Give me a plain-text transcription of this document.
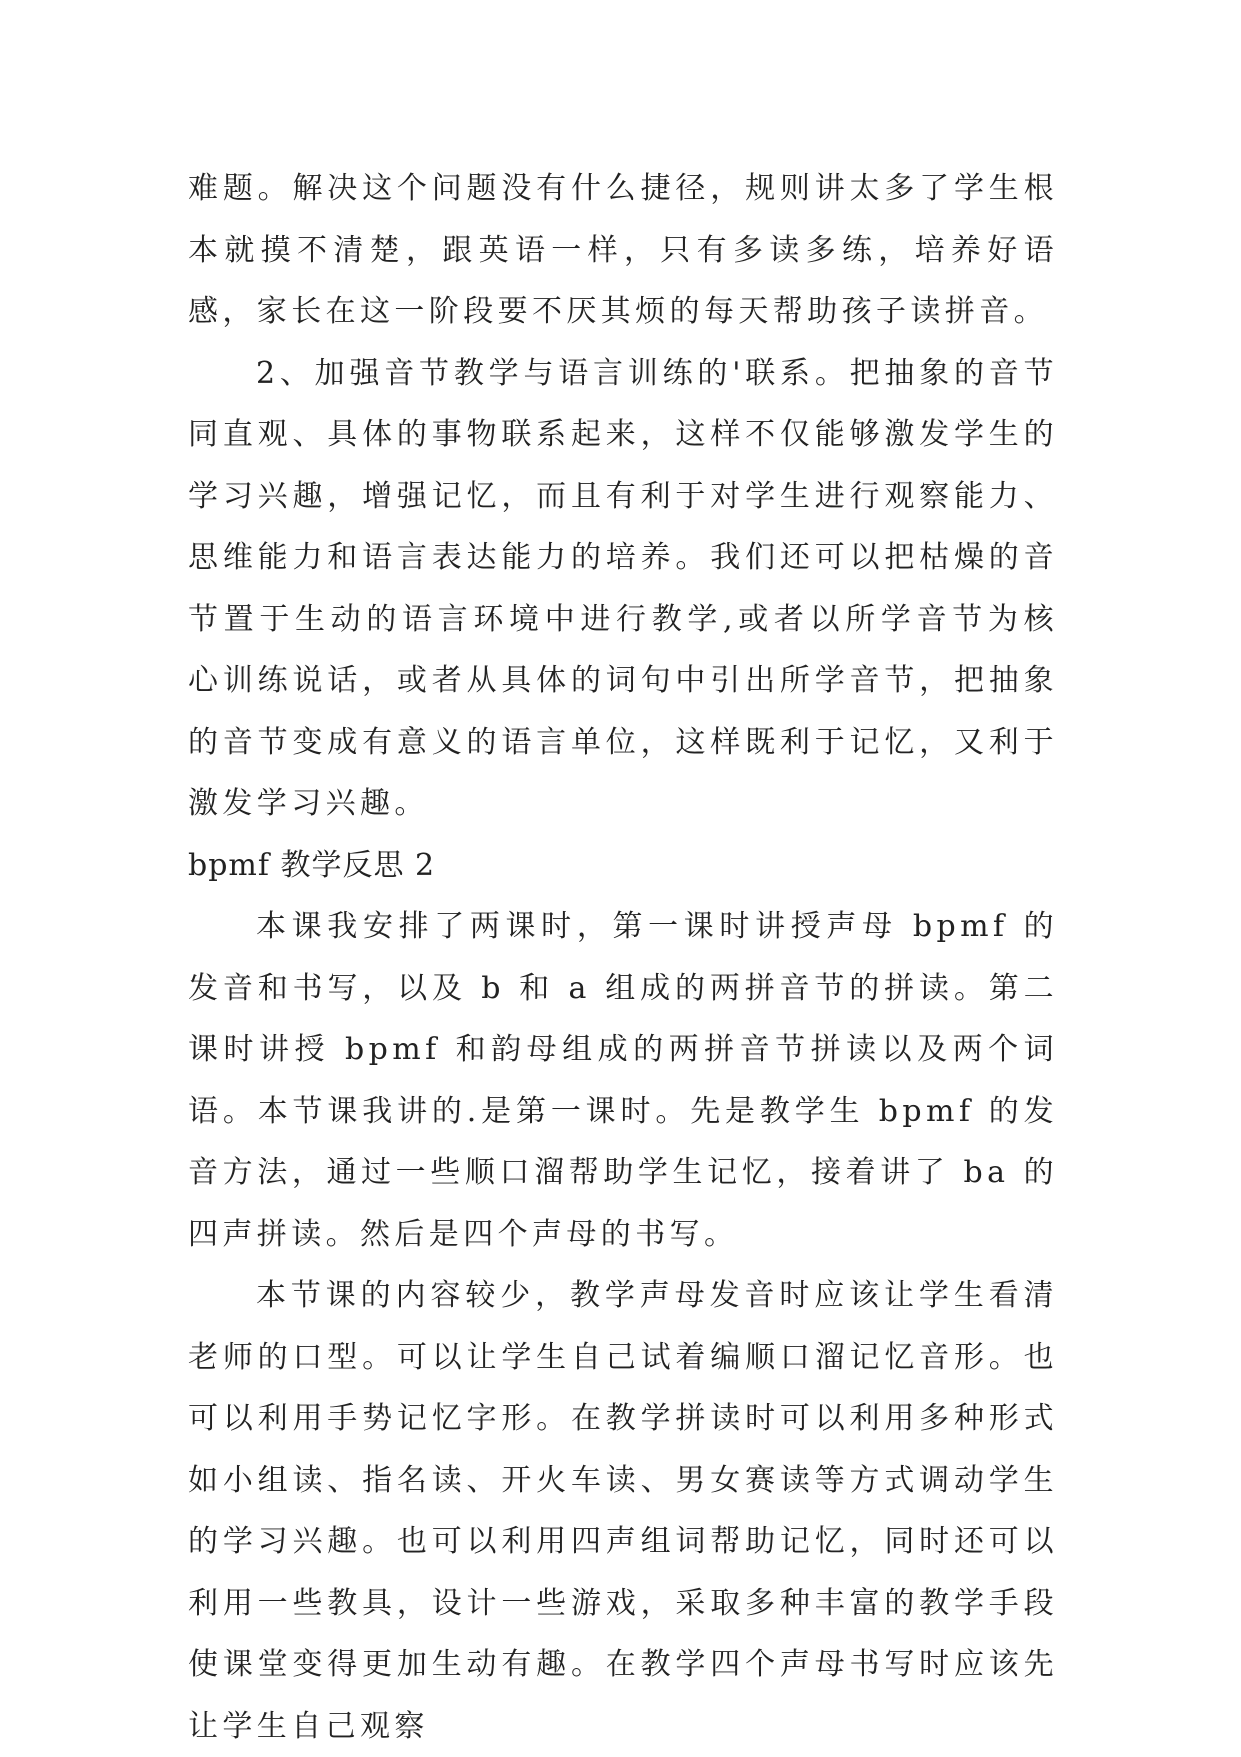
难题。解决这个问题没有什么捷径，规则讲太多了学生根本就摸不清楚，跟英语一样，只有多读多练，培养好语感，家长在这一阶段要不厌其烦的每天帮助孩子读拼音。

2、加强音节教学与语言训练的'联系。把抽象的音节同直观、具体的事物联系起来，这样不仅能够激发学生的学习兴趣，增强记忆，而且有利于对学生进行观察能力、思维能力和语言表达能力的培养。我们还可以把枯燥的音节置于生动的语言环境中进行教学,或者以所学音节为核心训练说话，或者从具体的词句中引出所学音节，把抽象的音节变成有意义的语言单位，这样既利于记忆，又利于激发学习兴趣。

bpmf 教学反思 2

本课我安排了两课时，第一课时讲授声母 bpmf 的发音和书写，以及 b 和 a 组成的两拼音节的拼读。第二课时讲授 bpmf 和韵母组成的两拼音节拼读以及两个词语。本节课我讲的.是第一课时。先是教学生 bpmf 的发音方法，通过一些顺口溜帮助学生记忆，接着讲了 ba 的四声拼读。然后是四个声母的书写。

本节课的内容较少，教学声母发音时应该让学生看清老师的口型。可以让学生自己试着编顺口溜记忆音形。也可以利用手势记忆字形。在教学拼读时可以利用多种形式如小组读、指名读、开火车读、男女赛读等方式调动学生的学习兴趣。也可以利用四声组词帮助记忆，同时还可以利用一些教具，设计一些游戏，采取多种丰富的教学手段使课堂变得更加生动有趣。在教学四个声母书写时应该先让学生自己观察
